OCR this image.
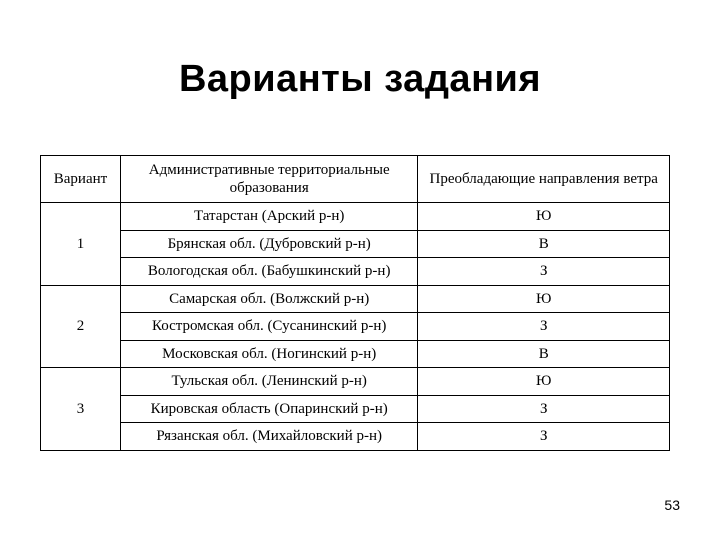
Варианты задания
Вариант	Административные территориальные образования	Преобладающие направления ветра
1	Татарстан (Арский р-н)	Ю
	Брянская обл. (Дубровский р-н)	В
	Вологодская обл. (Бабушкинский р-н)	З
2	Самарская обл. (Волжский р-н)	Ю
	Костромская обл. (Сусанинский р-н)	З
	Московская обл. (Ногинский р-н)	В
3	Тульская обл. (Ленинский р-н)	Ю
	Кировская область (Опаринский р-н)	З
	Рязанская обл. (Михайловский р-н)	З
53
